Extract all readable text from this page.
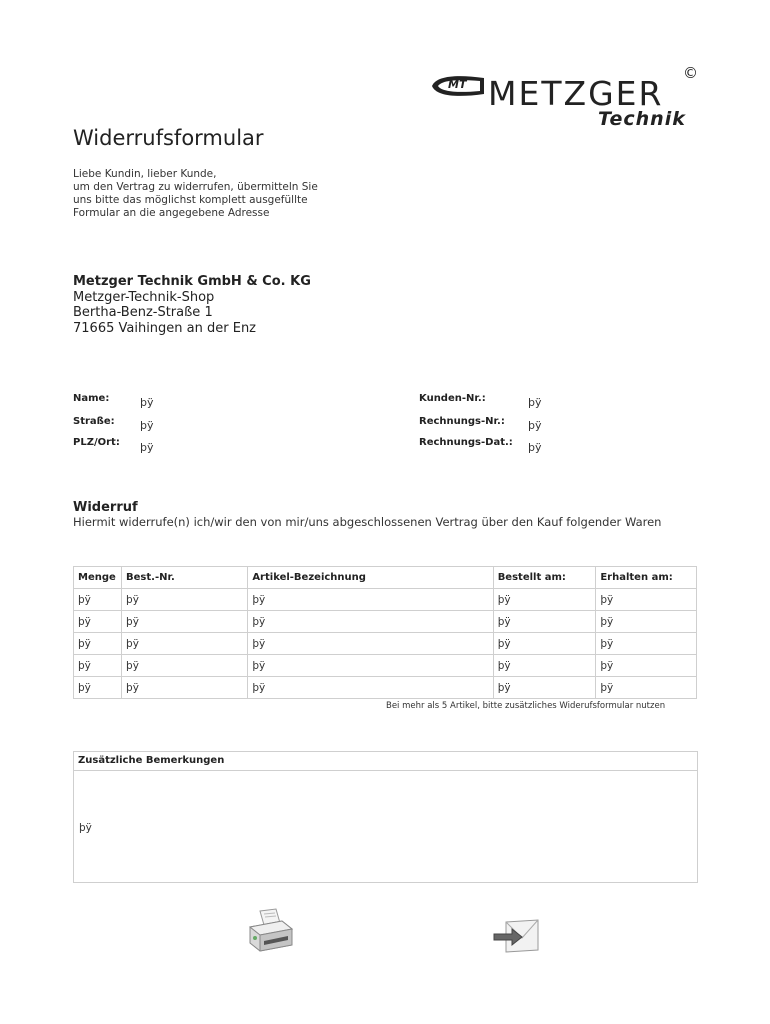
MT METZGER
Technik
©
Widerrufsformular
Liebe Kundin, lieber Kunde,
um den Vertrag zu widerrufen, übermitteln Sie
uns bitte das möglichst komplett ausgefüllte
Formular an die angegebene Adresse
Metzger Technik GmbH & Co. KG
Metzger-Technik-Shop
Bertha-Benz-Straße 1
71665 Vaihingen an der Enz
Name:	þÿ
Straße: þÿ
PLZ/Ort: þÿ
Kunden-Nr.:	þÿ
Rechnungs-Nr.: þÿ
Rechnungs-Dat.: þÿ
Widerruf
Hiermit widerrufe(n) ich/wir den von mir/uns abgeschlossenen Vertrag über den Kauf folgender Waren
Menge	Best.-Nr.	Artikel-Bezeichnung	Bestellt am:	Erhalten am:
þÿ	þÿ	þÿ	þÿ	þÿ
þÿ	þÿ	þÿ	þÿ	þÿ
þÿ	þÿ	þÿ	þÿ	þÿ
þÿ	þÿ	þÿ	þÿ	þÿ
þÿ	þÿ	þÿ	þÿ	þÿ
Bei mehr als 5 Artikel, bitte zusätzliches Widerufsformular nutzen
Zusätzliche Bemerkungen
þÿ
